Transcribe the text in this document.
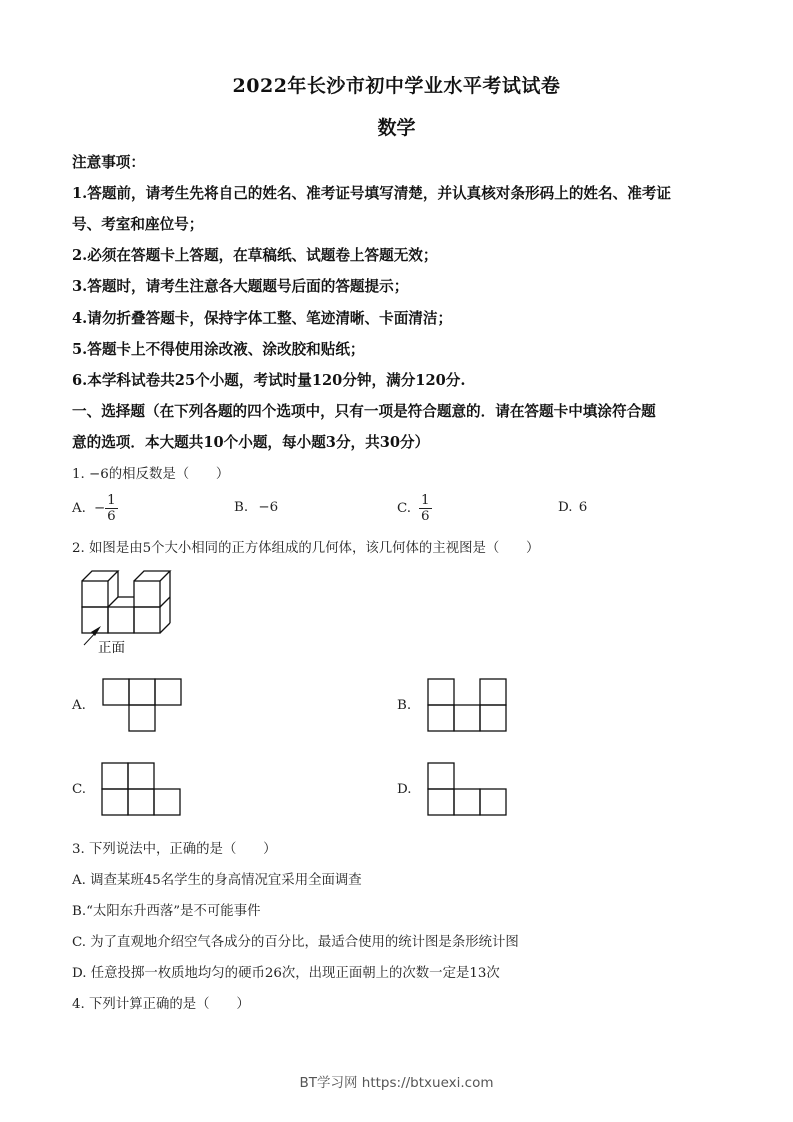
2022年长沙市初中学业水平考试试卷
数学
注意事项：
1.答题前，请考生先将自己的姓名、准考证号填写清楚，并认真核对条形码上的姓名、准考证
号、考室和座位号；
2.必须在答题卡上答题，在草稿纸、试题卷上答题无效；
3.答题时，请考生注意各大题题号后面的答题提示；
4.请勿折叠答题卡，保持字体工整、笔迹清晰、卡面清洁；
5.答题卡上不得使用涂改液、涂改胶和贴纸；
6.本学科试卷共25个小题，考试时量120分钟，满分120分.
一、选择题（在下列各题的四个选项中，只有一项是符合题意的．请在答题卡中填涂符合题
意的选项．本大题共10个小题，每小题3分，共30分）
1. −6的相反数是（　　）
A. − $\frac{1}{6}$	B. −6	C. $\frac{1}{6}$	D. 6
2. 如图是由5个大小相同的正方体组成的几何体，该几何体的主视图是（　　）
正面
A.	B.
C.	D.
3. 下列说法中，正确的是（　　）
A. 调查某班45名学生的身高情况宜采用全面调查
B.“太阳东升西落”是不可能事件
C. 为了直观地介绍空气各成分的百分比，最适合使用的统计图是条形统计图
D. 任意投掷一枚质地均匀的硬币26次，出现正面朝上的次数一定是13次
4. 下列计算正确的是（　　）
BT学习网 https://btxuexi.com
